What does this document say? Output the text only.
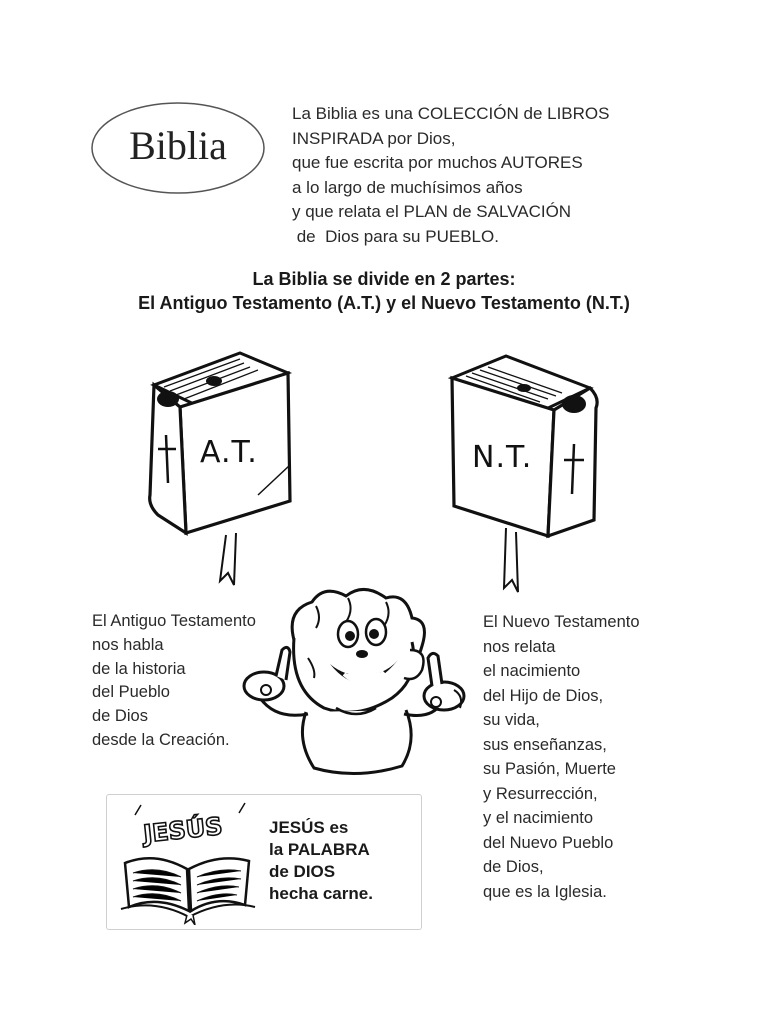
Biblia
La Biblia es una COLECCIÓN de LIBROS
INSPIRADA por Dios,
que fue escrita por muchos AUTORES
a lo largo de muchísimos años
y que relata el PLAN de SALVACIÓN
de  Dios para su PUEBLO.
La Biblia se divide en 2 partes:
El Antiguo Testamento (A.T.) y el Nuevo Testamento (N.T.)
A.T.	N.T.
El Antiguo Testamento
nos habla
de la historia
del Pueblo
de Dios
desde la Creación.
El Nuevo Testamento
nos relata
el nacimiento
del Hijo de Dios,
su vida,
sus enseñanzas,
su Pasión, Muerte
y Resurrección,
y el nacimiento
del Nuevo Pueblo
de Dios,
que es la Iglesia.
JESÚS	JESÚS es
la PALABRA
de DIOS
hecha carne.
